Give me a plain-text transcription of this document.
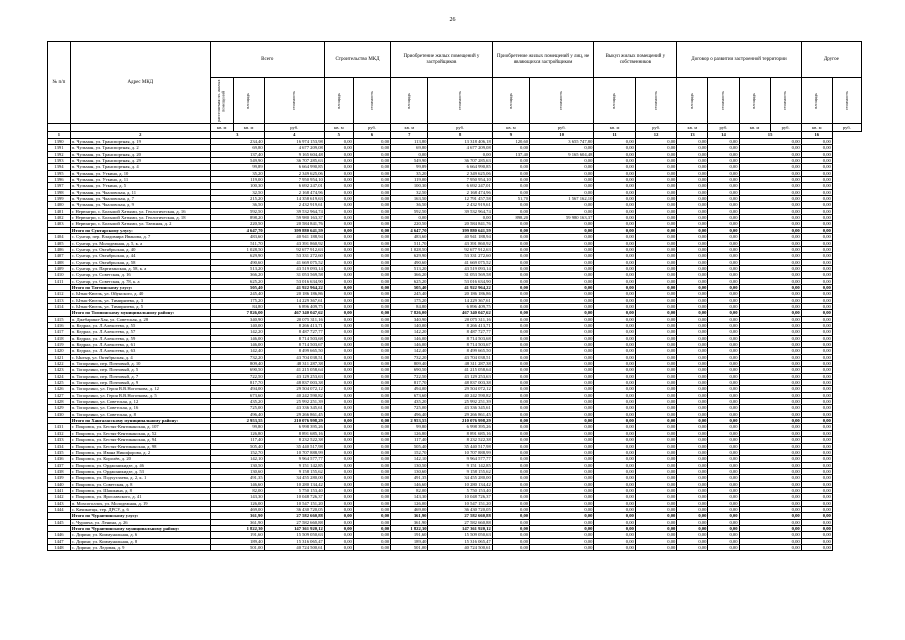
26
№ п/п	Адрес МКД	Всего			Строительство МКД		Приобретение жилых помещений у застройщиков		Приобретение жилых помещений у лиц, не являющихся застройщиком		Выкуп жилых помещений у собственников		Договор о развитии застроенной территории				Другое	

		расселяемая пл. жилых помещений	площадь	стоимость	площадь	стоимость	площадь	стоимость	площадь	стоимость	площадь	стоимость	площадь	стоимость	площадь	стоимость	площадь	стоимость

		кв. м	кв. м	руб.	кв. м	руб.	кв. м	руб.	кв. м	руб.	кв. м	руб.	кв. м	руб.	кв. м	руб.	кв. м	руб.
1	2	3		4	5	6	7	8	9	10	11	12	13	14	15		16	
1390	п. Чульман, ул. Транспортная, д. 19	234,40		16 974 153,98	0,00	0,00	113,80	13 318 406,18	120,60	3 655 747,80	0,00	0,00	0,00	0,00	0,00		0,00	
1391	п. Чульман, ул. Транспортная, д. 2	69,80		4 677 209,08	0,00	0,00	69,80	4 677 209,08	0,00	0,00	0,00	0,00	0,00	0,00	0,00		0,00	
1392	п. Чульман, ул. Транспортная, д. 20	137,40		9 165 604,48	0,00	0,00	0,00	0,00	137,40	9 165 604,48	0,00	0,00	0,00	0,00	0,00		0,00	
1393	п. Чульман, ул. Транспортная, д. 29	549,90		36 707 285,63	0,00	0,00	549,90	36 707 285,63	0,00	0,00	0,00	0,00	0,00	0,00	0,00		0,00	
1394	п. Чульман, ул. Транспортная, д. 4	99,89		6 664 990,85	0,00	0,00	99,89	6 664 990,85	0,00	0,00	0,00	0,00	0,00	0,00	0,00		0,00	
1395	п. Чульман, ул. Уткина, д. 10	35,20		2 349 625,06	0,00	0,00	35,20	2 349 625,06	0,00	0,00	0,00	0,00	0,00	0,00	0,00		0,00	
1396	п. Чульман, ул. Уткина, д. 11	119,00		7 950 954,10	0,00	0,00	119,00	7 950 954,10	0,00	0,00	0,00	0,00	0,00	0,00	0,00		0,00	
1397	п. Чульман, ул. Уткина, д. 5	100,30		6 692 247,01	0,00	0,00	100,30	6 692 247,01	0,00	0,00	0,00	0,00	0,00	0,00	0,00		0,00	
1398	п. Чульман, ул. Чкаловская, д. 11	32,50		2 168 474,96	0,00	0,00	32,50	2 168 474,96	0,00	0,00	0,00	0,00	0,00	0,00	0,00		0,00	
1399	п. Чульман, ул. Чкаловская, д. 7	215,20		14 358 619,63	0,00	0,00	163,50	12 791 457,58	51,70	1 567 162,10	0,00	0,00	0,00	0,00	0,00		0,00	
1400	п. Чульман, ул. Чкаловская, д. 9	36,50		2 432 919,61	0,00	0,00	36,50	2 432 919,61	0,00	0,00	0,00	0,00	0,00	0,00	0,00		0,00	
1401	г. Нерюнгри, с. Большой Хатыми, ул. Геологическая, д. 16	592,50		39 532 964,74	0,00	0,00	592,50	39 532 964,74	0,00	0,00	0,00	0,00	0,00	0,00	0,00		0,00	
1402	г. Нерюнгри, с. Большой Хатыми, ул. Геологическая, д. 18	898,20		59 980 163,37	0,00	0,00	0,00	0,00	898,20	59 980 163,37	0,00	0,00	0,00	0,00	0,00		0,00	
1403	г. Нерюнгри, с. Большой Хатыми, ул. Таежная, д. 2	220,50		20 584 841,76	0,00	0,00	220,50	20 584 841,76	0,00	0,00	0,00	0,00	0,00	0,00	0,00		0,00	
	Итого по Сунтарскому улусу:	4 647,70		399 880 641,59	0,00	0,00	4 647,70	399 880 641,59	0,00	0,00	0,00	0,00	0,00	0,00	0,00		0,00	
1404	с. Сунтар, пер. Владимира Иванова, д. 7	483,60		40 941 188,94	0,00	0,00	483,60	40 941 188,94	0,00	0,00	0,00	0,00	0,00	0,00	0,00		0,00	
1405	с. Сунтар, ул. Молодежная, д. 5, к. а	511,70		43 391 860,92	0,00	0,00	511,70	43 391 860,92	0,00	0,00	0,00	0,00	0,00	0,00	0,00		0,00	
1406	с. Сунтар, ул. Октябрьская, д. 40	1 028,50		92 677 912,63	0,00	0,00	1 028,50	92 677 912,63	0,00	0,00	0,00	0,00	0,00	0,00	0,00		0,00	
1407	с. Сунтар, ул. Октябрьская, д. 44	629,90		53 331 272,60	0,00	0,00	629,90	53 331 272,60	0,00	0,00	0,00	0,00	0,00	0,00	0,00		0,00	
1408	с. Сунтар, ул. Октябрьская, д. 58	490,60		41 669 075,52	0,00	0,00	490,60	41 669 075,52	0,00	0,00	0,00	0,00	0,00	0,00	0,00		0,00	
1409	с. Сунтар, ул. Партизанская, д. 58, к. а	513,20		43 519 093,14	0,00	0,00	513,20	43 519 093,14	0,00	0,00	0,00	0,00	0,00	0,00	0,00		0,00	
1410	с. Сунтар, ул. Советская, д. 16	366,20		31 053 569,58	0,00	0,00	366,20	31 053 569,58	0,00	0,00	0,00	0,00	0,00	0,00	0,00		0,00	
1411	с. Сунтар, ул. Советская, д. 78, к. а	625,20		53 016 634,90	0,00	0,00	625,20	53 016 634,90	0,00	0,00	0,00	0,00	0,00	0,00	0,00		0,00	
	Итого по Таттинскому улусу:	505,40		41 922 964,22	0,00	0,00	505,40	41 922 964,22	0,00	0,00	0,00	0,00	0,00	0,00	0,00		0,00	
1412	с. Ытык-Кюель, ул. Ойунского, д. 40	245,40		20 186 186,86	0,00	0,00	245,40	20 186 186,86	0,00	0,00	0,00	0,00	0,00	0,00	0,00		0,00	
1413	с. Ытык-Кюель, ул. Тимирязева, д. 3	175,20		14 229 367,61	0,00	0,00	175,20	14 229 367,61	0,00	0,00	0,00	0,00	0,00	0,00	0,00		0,00	
1414	с. Ытык-Кюель, ул. Тимирязева, д. 5	84,80		6 896 409,75	0,00	0,00	84,80	6 896 409,75	0,00	0,00	0,00	0,00	0,00	0,00	0,00		0,00	
	Итого по Томпонскому муниципальному району:	7 826,00		467 340 047,62	0,00	0,00	7 826,00	467 340 047,62	0,00	0,00	0,00	0,00	0,00	0,00	0,00		0,00	
1415	п. Джебарики-Хая, ул. Советская, д. 28	340,90		20 075 311,16	0,00	0,00	340,90	20 075 311,16	0,00	0,00	0,00	0,00	0,00	0,00	0,00		0,00	
1416	п. Кедрал, ул. Л.Алексеева, д. 55	140,00		8 266 413,71	0,00	0,00	140,00	8 266 413,71	0,00	0,00	0,00	0,00	0,00	0,00	0,00		0,00	
1417	п. Кедрал, ул. Л.Алексеева, д. 57	142,20		8 487 727,77	0,00	0,00	142,20	8 487 727,77	0,00	0,00	0,00	0,00	0,00	0,00	0,00		0,00	
1418	п. Кедрал, ул. Л.Алексеева, д. 59	146,00		8 714 503,68	0,00	0,00	146,00	8 714 503,68	0,00	0,00	0,00	0,00	0,00	0,00	0,00		0,00	
1419	п. Кедрал, ул. Л.Алексеева, д. 61	146,00		8 714 503,67	0,00	0,00	146,00	8 714 503,67	0,00	0,00	0,00	0,00	0,00	0,00	0,00		0,00	
1420	п. Кедрал, ул. Л.Алексеева, д. 63	142,40		8 499 665,50	0,00	0,00	142,40	8 499 665,50	0,00	0,00	0,00	0,00	0,00	0,00	0,00		0,00	
1421	с. Ынгыр, ул. Октябрьская, д. 4	732,20		43 704 038,51	0,00	0,00	732,20	43 704 038,51	0,00	0,00	0,00	0,00	0,00	0,00	0,00		0,00	
1422	п. Топорлино, пер. Почтовый, д. 10	809,40		48 311 287,38	0,00	0,00	809,40	48 311 287,38	0,00	0,00	0,00	0,00	0,00	0,00	0,00		0,00	
1423	п. Топорлино, пер. Почтовый, д. 5	690,50		41 215 058,64	0,00	0,00	690,50	41 215 058,64	0,00	0,00	0,00	0,00	0,00	0,00	0,00		0,00	
1424	п. Топорлино, пер. Почтовый, д. 7	722,50		43 129 253,63	0,00	0,00	722,50	43 129 253,63	0,00	0,00	0,00	0,00	0,00	0,00	0,00		0,00	
1425	п. Топорлино, пер. Почтовый, д. 9	817,70		48 837 003,38	0,00	0,00	817,70	48 837 003,38	0,00	0,00	0,00	0,00	0,00	0,00	0,00		0,00	
1426	п. Топорлино, ул. Героя В.В.Ноготкова, д. 12	494,00		29 504 072,12	0,00	0,00	494,00	29 504 072,12	0,00	0,00	0,00	0,00	0,00	0,00	0,00		0,00	
1427	п. Топорлино, ул. Героя В.В.Ноготкова, д. 5	673,60		40 242 590,82	0,00	0,00	673,60	40 242 590,82	0,00	0,00	0,00	0,00	0,00	0,00	0,00		0,00	
1428	п. Топорлино, ул. Советская, д. 12	435,20		25 992 251,39	0,00	0,00	435,20	25 992 251,39	0,00	0,00	0,00	0,00	0,00	0,00	0,00		0,00	
1429	п. Топорлино, ул. Советская, д. 16	725,00		43 336 345,61	0,00	0,00	725,00	43 336 345,61	0,00	0,00	0,00	0,00	0,00	0,00	0,00		0,00	
1430	п. Топорлино, ул. Советская, д. 8	496,40		29 266 861,45	0,00	0,00	496,40	29 266 861,45	0,00	0,00	0,00	0,00	0,00	0,00	0,00		0,00	
	Итого по Хангаласскому муниципальному району:	2 953,55		210 076 998,29	0,00	0,00	2 953,55	210 076 998,29	0,00	0,00	0,00	0,00	0,00	0,00	0,00		0,00	
1431	г. Покровск, ул. Бестях-Кентиканская, д. 107	99,80		6 998 395,26	0,00	0,00	99,80	6 998 395,26	0,00	0,00	0,00	0,00	0,00	0,00	0,00		0,00	
1432	г. Покровск, ул. Бестях-Кентиканская, д. 52	126,80		8 891 685,16	0,00	0,00	126,80	8 891 685,16	0,00	0,00	0,00	0,00	0,00	0,00	0,00		0,00	
1433	г. Покровск, ул. Бестях-Кентиканская, д. 94	117,40		8 232 522,38	0,00	0,00	117,40	8 232 522,38	0,00	0,00	0,00	0,00	0,00	0,00	0,00		0,00	
1434	г. Покровск, ул. Бестях-Кентиканская, д. 98	505,40		35 440 517,98	0,00	0,00	505,40	35 440 517,98	0,00	0,00	0,00	0,00	0,00	0,00	0,00		0,00	
1435	г. Покровск, ул. Ивана Никифорова, д. 2	152,70		10 707 888,99	0,00	0,00	152,70	10 707 888,99	0,00	0,00	0,00	0,00	0,00	0,00	0,00		0,00	
1436	г. Покровск, ул. Королёв, д. 20	142,10		9 964 577,77	0,00	0,00	142,10	9 964 577,77	0,00	0,00	0,00	0,00	0,00	0,00	0,00		0,00	
1437	г. Покровск, ул. Орджоникидзе, д. 46	130,50		9 151 142,85	0,00	0,00	130,50	9 151 142,85	0,00	0,00	0,00	0,00	0,00	0,00	0,00		0,00	
1438	г. Покровск, ул. Орджоникидзе, д. 53	130,60		9 158 155,62	0,00	0,00	130,60	9 158 155,62	0,00	0,00	0,00	0,00	0,00	0,00	0,00		0,00	
1439	г. Покровск, ул. Подчуглаева, д. 2, к. 1	491,35		34 455 280,00	0,00	0,00	491,35	34 455 280,00	0,00	0,00	0,00	0,00	0,00	0,00	0,00		0,00	
1440	г. Покровск, ул. Советская, д. 8	146,60		10 280 134,42	0,00	0,00	146,60	10 280 134,42	0,00	0,00	0,00	0,00	0,00	0,00	0,00		0,00	
1441	г. Покровск, ул. Шашкина, д. 8	82,00		5 750 153,40	0,00	0,00	82,00	5 750 153,40	0,00	0,00	0,00	0,00	0,00	0,00	0,00		0,00	
1442	г. Покровск, ул. Ярославского, д. 41	143,30		10 048 726,37	0,00	0,00	143,30	10 048 726,37	0,00	0,00	0,00	0,00	0,00	0,00	0,00		0,00	
1443	п. Мохсоголлох, ул. Молодежная, д. 19	126,00		10 547 151,20	0,00	0,00	126,00	10 547 151,20	0,00	0,00	0,00	0,00	0,00	0,00	0,00		0,00	
1444	с. Качикатцы, тер. ДРСУ, д. 6	469,00		36 430 720,05	0,00	0,00	469,00	36 430 720,05	0,00	0,00	0,00	0,00	0,00	0,00	0,00		0,00	
	Итого по Чурапчинскому улусу:	361,90		27 582 660,88	0,00	0,00	361,90	27 582 660,88	0,00	0,00	0,00	0,00	0,00	0,00	0,00		0,00	
1445	с. Чурапча, ул. Ленина, д. 26	361,90		27 582 660,88	0,00	0,00	361,90	27 582 660,88	0,00	0,00	0,00	0,00	0,00	0,00	0,00		0,00	
	Итого по Чурапчинскому муниципальному району:	1 822,30		147 361 920,12	0,00	0,00	1 822,30	147 361 920,12	0,00	0,00	0,00	0,00	0,00	0,00	0,00		0,00	
1446	с. Диринг, ул. Коммунальная, д. 6	191,60		15 509 050,63	0,00	0,00	191,60	15 509 050,63	0,00	0,00	0,00	0,00	0,00	0,00	0,00		0,00	
1447	с. Диринг, ул. Коммунальная, д. 8	189,40		15 316 065,47	0,00	0,00	189,40	15 316 065,47	0,00	0,00	0,00	0,00	0,00	0,00	0,00		0,00	
1448	с. Диринг, ул. Ледовая, д. 9	501,00		40 724 500,61	0,00	0,00	501,00	40 724 500,61	0,00	0,00	0,00	0,00	0,00	0,00	0,00		0,00	
